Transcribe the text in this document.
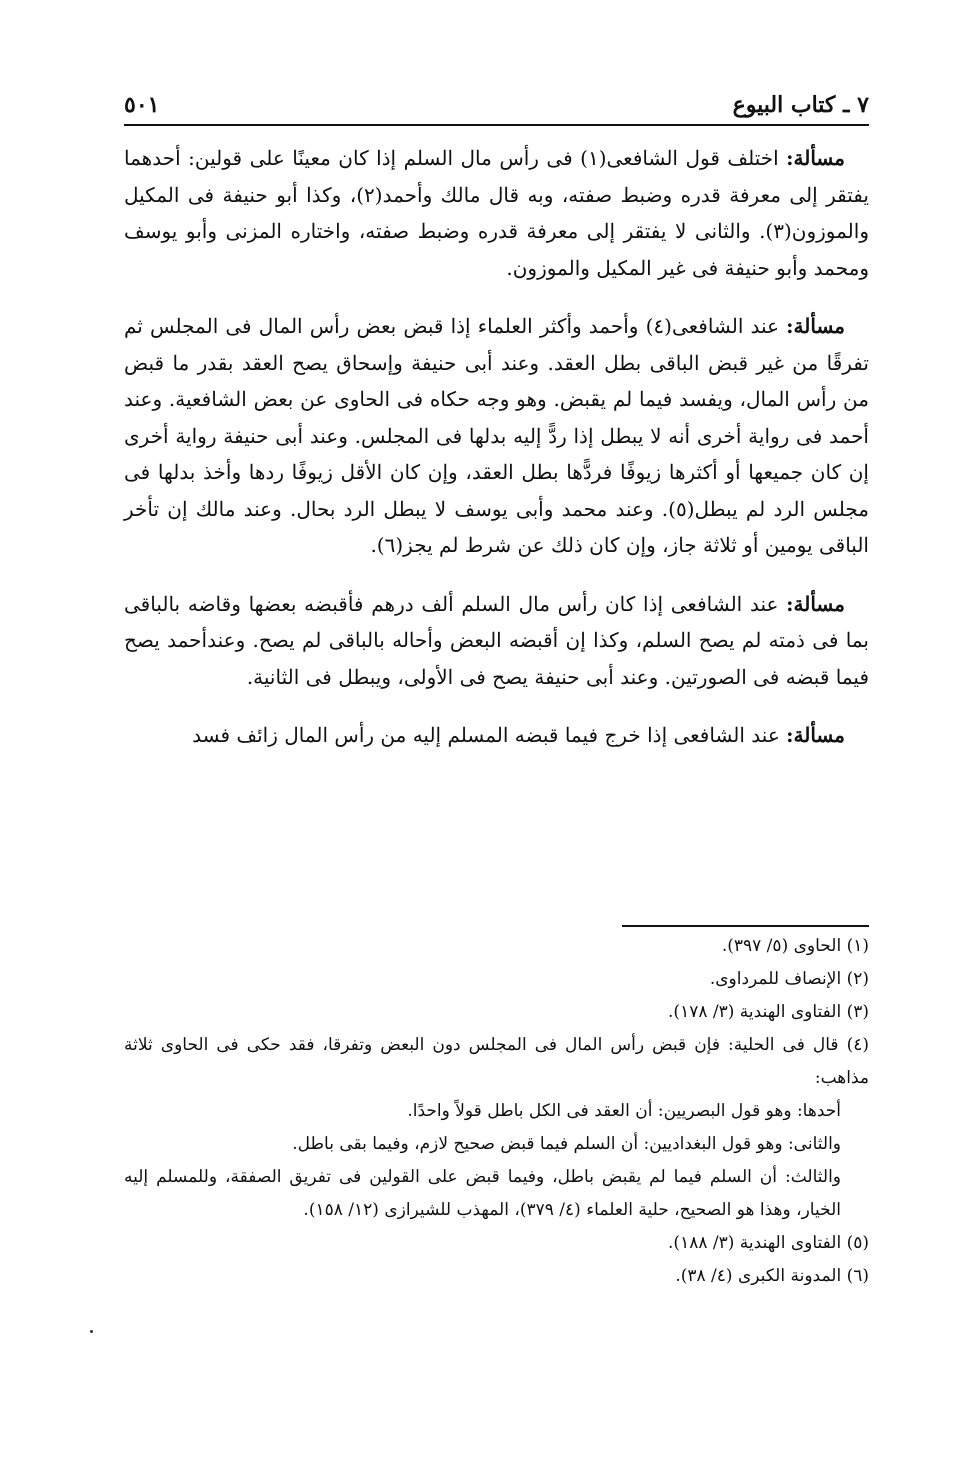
٧ ـ كتاب البيوع
٥٠١

مسألة: اختلف قول الشافعى(١) فى رأس مال السلم إذا كان معينًا على قولين: أحدهما يفتقر إلى معرفة قدره وضبط صفته، وبه قال مالك وأحمد(٢)، وكذا أبو حنيفة فى المكيل والموزون(٣). والثانى لا يفتقر إلى معرفة قدره وضبط صفته، واختاره المزنى وأبو يوسف ومحمد وأبو حنيفة فى غير المكيل والموزون.

مسألة: عند الشافعى(٤) وأحمد وأكثر العلماء إذا قبض بعض رأس المال فى المجلس ثم تفرقًا من غير قبض الباقى بطل العقد. وعند أبى حنيفة وإسحاق يصح العقد بقدر ما قبض من رأس المال، ويفسد فيما لم يقبض. وهو وجه حكاه فى الحاوى عن بعض الشافعية. وعند أحمد فى رواية أخرى أنه لا يبطل إذا ردًّ إليه بدلها فى المجلس. وعند أبى حنيفة رواية أخرى إن كان جميعها أو أكثرها زيوفًا فردًّها بطل العقد، وإن كان الأقل زيوفًا ردها وأخذ بدلها فى مجلس الرد لم يبطل(٥). وعند محمد وأبى يوسف لا يبطل الرد بحال. وعند مالك إن تأخر الباقى يومين أو ثلاثة جاز، وإن كان ذلك عن شرط لم يجز(٦).

مسألة: عند الشافعى إذا كان رأس مال السلم ألف درهم فأقبضه بعضها وقاضه بالباقى بما فى ذمته لم يصح السلم، وكذا إن أقبضه البعض وأحاله بالباقى لم يصح. وعندأحمد يصح فيما قبضه فى الصورتين. وعند أبى حنيفة يصح فى الأولى، ويبطل فى الثانية.

مسألة: عند الشافعى إذا خرج فيما قبضه المسلم إليه من رأس المال زائف فسد

(١) الحاوى (٥/ ٣٩٧).

(٢) الإنصاف للمرداوى.

(٣) الفتاوى الهندية (٣/ ١٧٨).

(٤) قال فى الحلية: فإن قبض رأس المال فى المجلس دون البعض وتفرقا، فقد حكى فى الحاوى ثلاثة مذاهب:

أحدها: وهو قول البصريين: أن العقد فى الكل باطل قولاً واحدًا.

والثانى: وهو قول البغداديين: أن السلم فيما قبض صحيح لازم، وفيما بقى باطل.

والثالث: أن السلم فيما لم يقبض باطل، وفيما قبض على القولين فى تفريق الصفقة، وللمسلم إليه الخيار، وهذا هو الصحيح، حلية العلماء (٤/ ٣٧٩)، المهذب للشيرازى (١٢/ ١٥٨).

(٥) الفتاوى الهندية (٣/ ١٨٨).

(٦) المدونة الكبرى (٤/ ٣٨).
